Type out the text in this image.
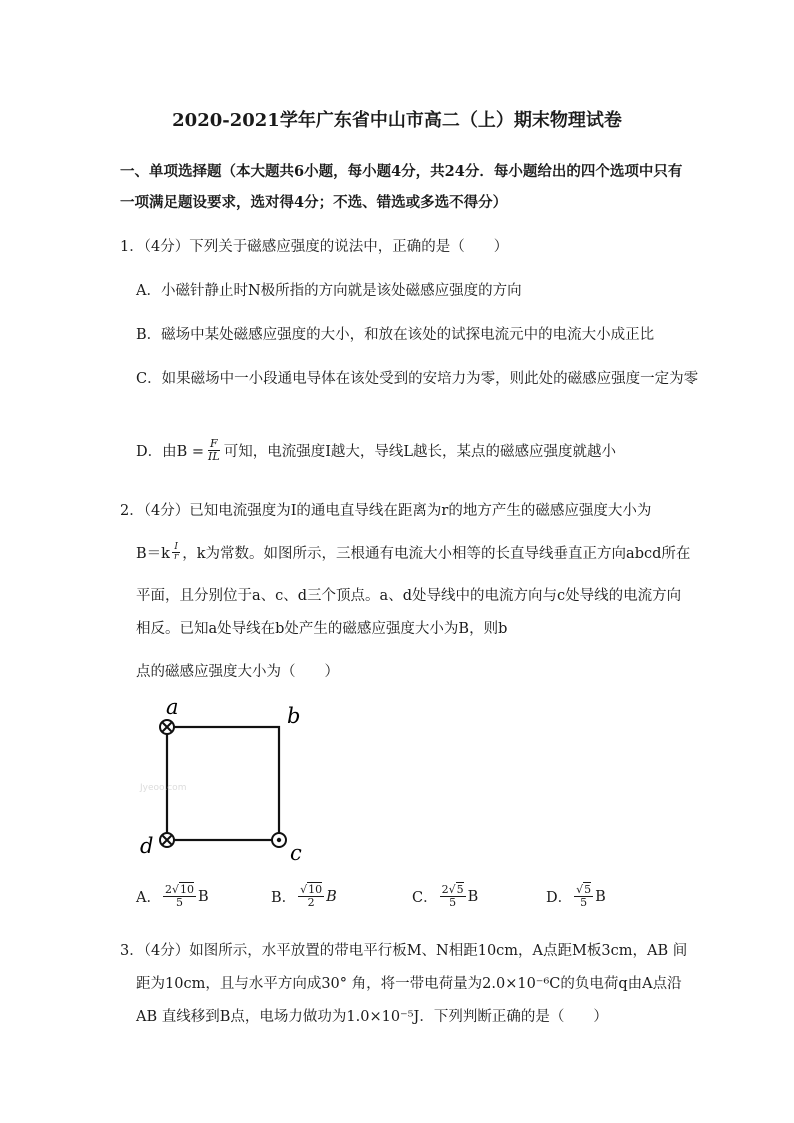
2020-2021学年广东省中山市高二（上）期末物理试卷
一、单项选择题（本大题共6小题，每小题4分，共24分．每小题给出的四个选项中只有
一项满足题设要求，选对得4分；不选、错选或多选不得分）
1．（4分）下列关于磁感应强度的说法中，正确的是（　　）
A．小磁针静止时N极所指的方向就是该处磁感应强度的方向
B．磁场中某处磁感应强度的大小，和放在该处的试探电流元中的电流大小成正比
C．如果磁场中一小段通电导体在该处受到的安培力为零，则此处的磁感应强度一定为零
D．由$B = \frac{F}{IL}$ 可知，电流强度I越大，导线L越长，某点的磁感应强度就越小
2．（4分）已知电流强度为I的通电直导线在距离为r的地方产生的磁感应强度大小为
$B=k \frac{I}{r}$ ，k为常数。如图所示，三根通有电流大小相等的长直导线垂直正方向abcd所在
平面，且分别位于a、c、d三个顶点。a、d处导线中的电流方向与c处导线的电流方向
相反。已知a处导线在b处产生的磁感应强度大小为B，则b
点的磁感应强度大小为（　　）
a	b
c
d
Jyeoo.com
A． $\frac{2√10}{5}$ B	B． $\frac{√10}{2}$ B	C． $\frac{2√5}{5}$ B	D． $\frac{√5}{5}$ B
3．（4分）如图所示，水平放置的带电平行板M、N相距10cm，A点距M板3cm，AB 间
距为10cm，且与水平方向成30° 角，将一带电荷量为2.0×10⁻⁶C的负电荷q由A点沿
AB 直线移到B点，电场力做功为1.0×10⁻⁵J．下列判断正确的是（　　）
